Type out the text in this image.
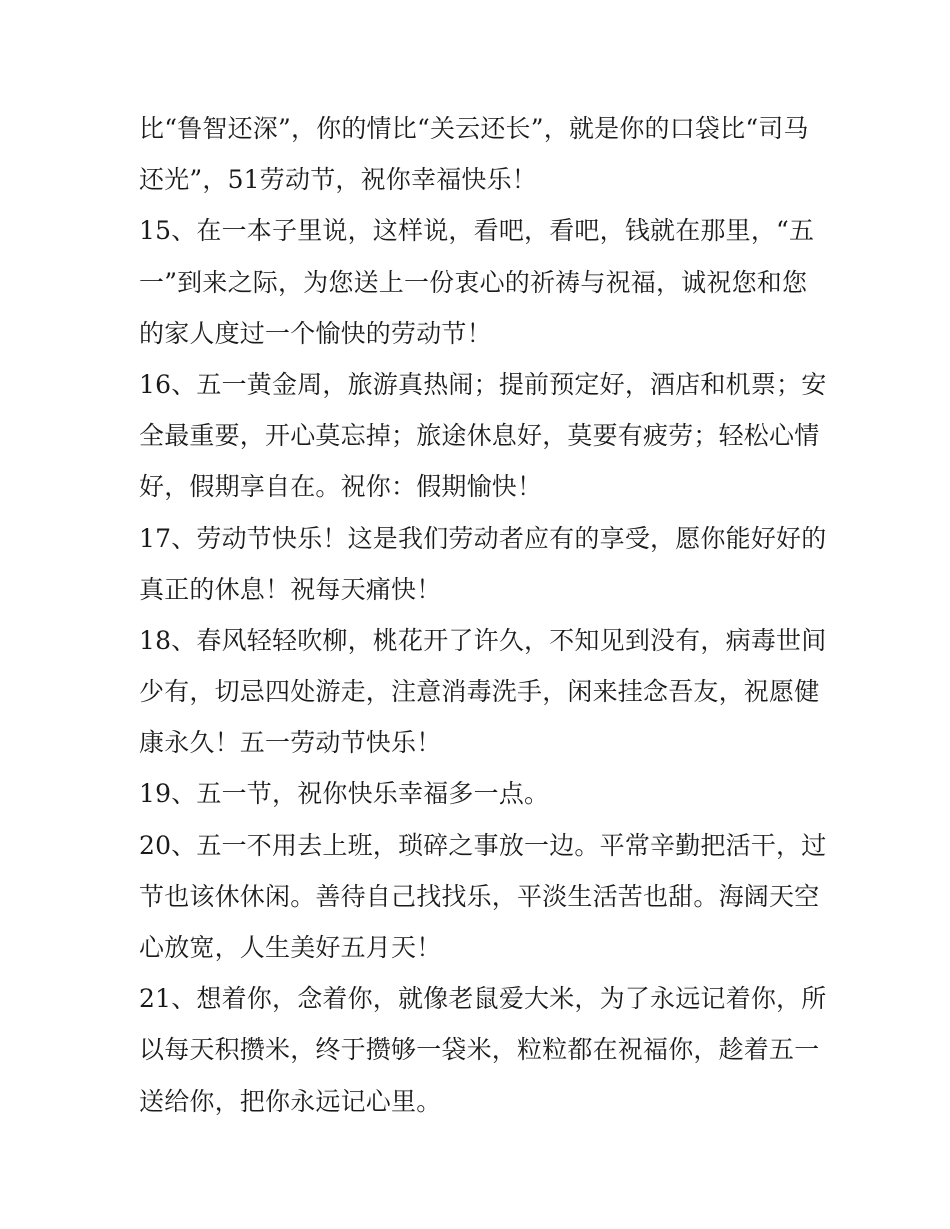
比“鲁智还深”，你的情比“关云还长”，就是你的口袋比“司马
还光”，51劳动节，祝你幸福快乐！
15、在一本子里说，这样说，看吧，看吧，钱就在那里，“五
一”到来之际，为您送上一份衷心的祈祷与祝福，诚祝您和您
的家人度过一个愉快的劳动节！
16、五一黄金周，旅游真热闹；提前预定好，酒店和机票；安
全最重要，开心莫忘掉；旅途休息好，莫要有疲劳；轻松心情
好，假期享自在。祝你：假期愉快！
17、劳动节快乐！这是我们劳动者应有的享受，愿你能好好的
真正的休息！祝每天痛快！
18、春风轻轻吹柳，桃花开了许久，不知见到没有，病毒世间
少有，切忌四处游走，注意消毒洗手，闲来挂念吾友，祝愿健
康永久！五一劳动节快乐！
19、五一节，祝你快乐幸福多一点。
20、五一不用去上班，琐碎之事放一边。平常辛勤把活干，过
节也该休休闲。善待自己找找乐，平淡生活苦也甜。海阔天空
心放宽，人生美好五月天！
21、想着你，念着你，就像老鼠爱大米，为了永远记着你，所
以每天积攒米，终于攒够一袋米，粒粒都在祝福你，趁着五一
送给你，把你永远记心里。
